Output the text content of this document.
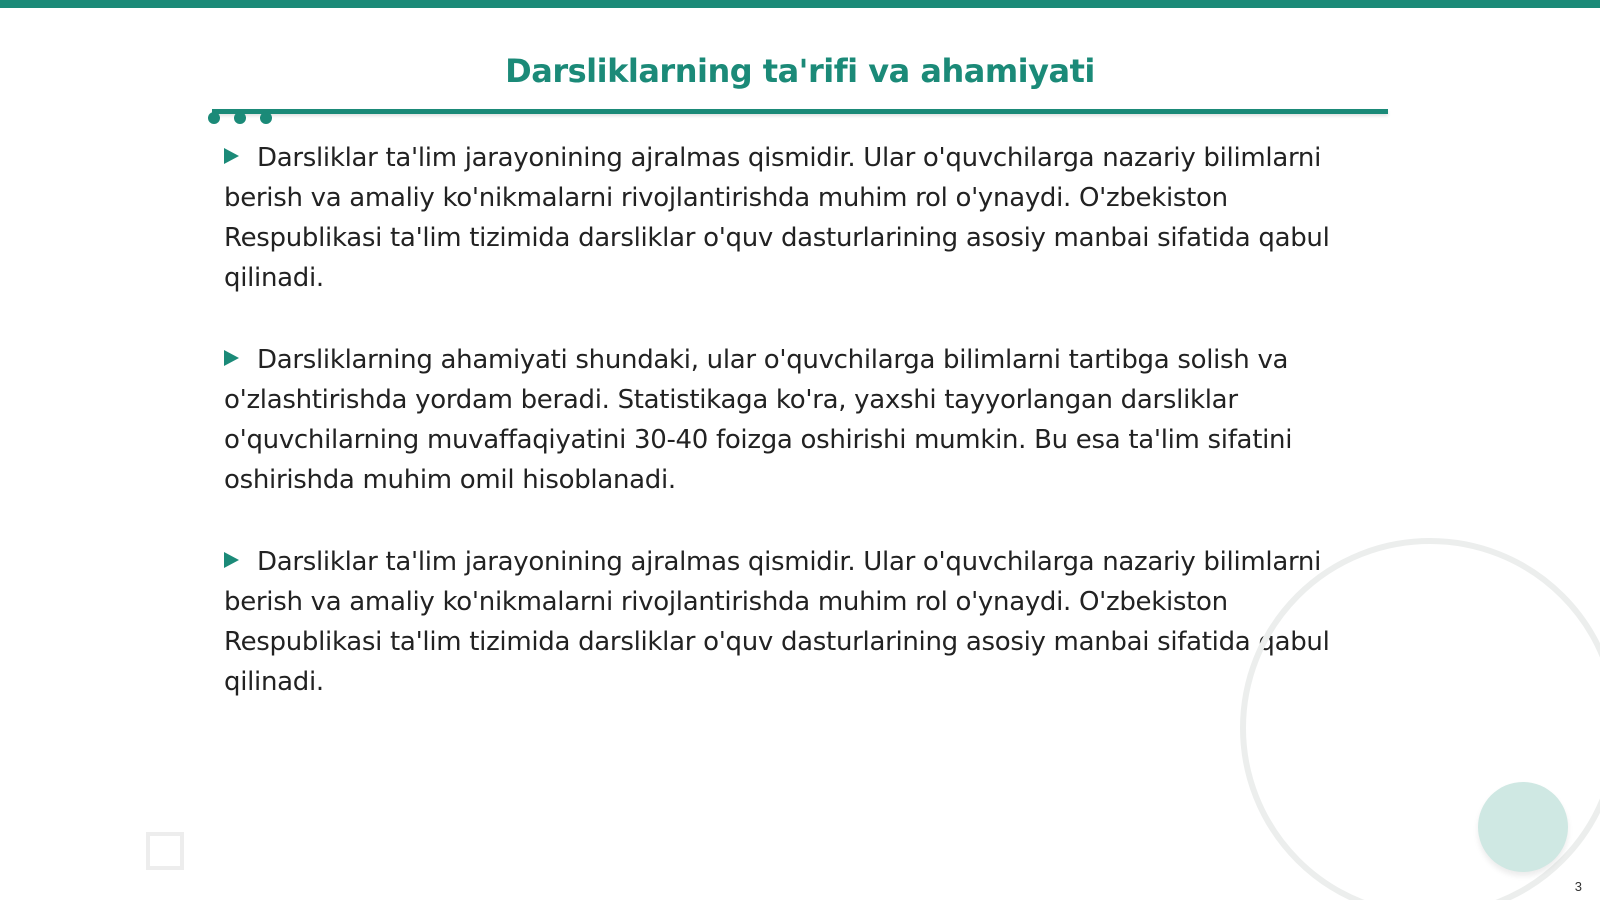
Darsliklarning ta'rifi va ahamiyati

Darsliklar ta'lim jarayonining ajralmas qismidir. Ular o'quvchilarga nazariy bilimlarni berish va amaliy ko'nikmalarni rivojlantirishda muhim rol o'ynaydi. O'zbekiston Respublikasi ta'lim tizimida darsliklar o'quv dasturlarining asosiy manbai sifatida qabul qilinadi.

Darsliklarning ahamiyati shundaki, ular o'quvchilarga bilimlarni tartibga solish va o'zlashtirishda yordam beradi. Statistikaga ko'ra, yaxshi tayyorlangan darsliklar o'quvchilarning muvaffaqiyatini 30-40 foizga oshirishi mumkin. Bu esa ta'lim sifatini oshirishda muhim omil hisoblanadi.

Darsliklar ta'lim jarayonining ajralmas qismidir. Ular o'quvchilarga nazariy bilimlarni berish va amaliy ko'nikmalarni rivojlantirishda muhim rol o'ynaydi. O'zbekiston Respublikasi ta'lim tizimida darsliklar o'quv dasturlarining asosiy manbai sifatida qabul qilinadi.

3
